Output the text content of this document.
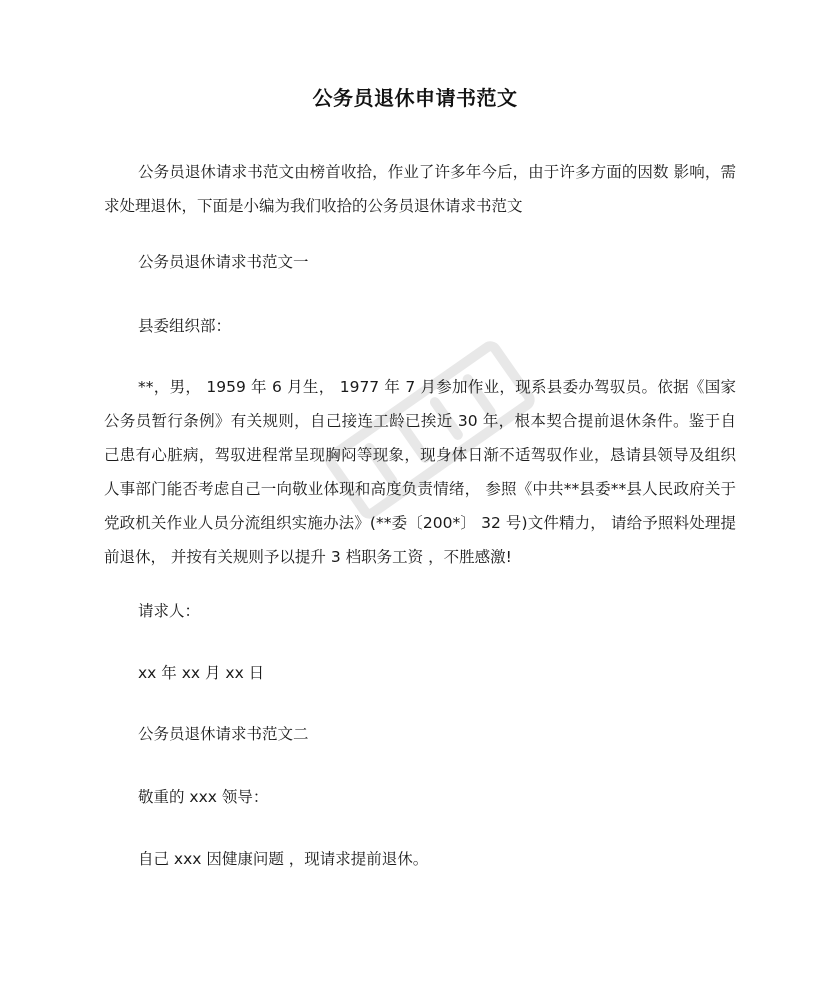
公务员退休申请书范文
公务员退休请求书范文由榜首收拾，作业了许多年今后，由于许多方面的因数 影响，需求处理退休，下面是小编为我们收拾的公务员退休请求书范文
公务员退休请求书范文一
县委组织部：
**，男， 1959 年 6 月生， 1977 年 7 月参加作业，现系县委办驾驭员。依据《国家公务员暂行条例》有关规则，自己接连工龄已挨近 30 年，根本契合提前退休条件。鉴于自己患有心脏病，驾驭进程常呈现胸闷等现象，现身体日渐不适驾驭作业，恳请县领导及组织人事部门能否考虑自己一向敬业体现和高度负责情绪， 参照《中共**县委**县人民政府关于党政机关作业人员分流组织实施办法》(**委〔200*〕 32 号)文件精力， 请给予照料处理提前退休， 并按有关规则予以提升 3 档职务工资 ，不胜感激!
请求人：
xx 年 xx 月 xx 日
公务员退休请求书范文二
敬重的 xxx 领导：
自己 xxx 因健康问题 ，现请求提前退休。
